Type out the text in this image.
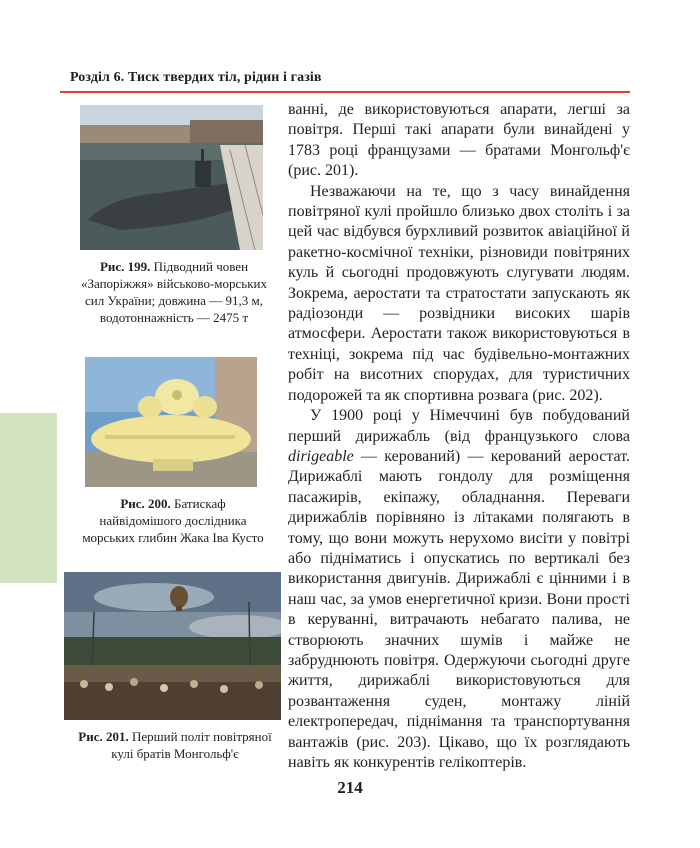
Розділ 6. Тиск твердих тіл, рідин і газів
Рис. 199. Підводний човен «Запоріжжя» військово-морських сил України; довжина — 91,3 м, водотоннажність — 2475 т
Рис. 200. Батискаф найвідомішого дослідника морських глибин Жака Іва Кусто
Рис. 201. Перший політ повітряної кулі братів Монгольф'є

ванні, де використовуються апарати, легші за повітря. Перші такі апарати були винайдені у 1783 році французами — братами Монгольф'є (рис. 201).

Незважаючи на те, що з часу винайдення повітряної кулі пройшло близько двох століть і за цей час відбувся бурхливий розвиток авіаційної й ракетно-космічної техніки, різновиди повітряних куль й сьогодні продовжують слугувати людям. Зокрема, аеростати та стратостати запускають як радіозонди — розвідники високих шарів атмосфери. Аеростати також використовуються в техніці, зокрема під час будівельно-монтажних робіт на висотних спорудах, для туристичних подорожей та як спортивна розвага (рис. 202).

У 1900 році у Німеччині був побудований перший дирижабль (від французького слова dirigeable — керований) — керований аеростат. Дирижаблі мають гондолу для розміщення пасажирів, екіпажу, обладнання. Переваги дирижаблів порівняно із літаками полягають в тому, що вони можуть нерухомо висіти у повітрі або підніматись і опускатись по вертикалі без використання двигунів. Дирижаблі є цінними і в наш час, за умов енергетичної кризи. Вони прості в керуванні, витрачають небагато палива, не створюють значних шумів і майже не забруднюють повітря. Одержуючи сьогодні друге життя, дирижаблі використовуються для розвантаження суден, монтажу ліній електропередач, піднімання та транспортування вантажів (рис. 203). Цікаво, що їх розглядають навіть як конкурентів гелікоптерів.

214
